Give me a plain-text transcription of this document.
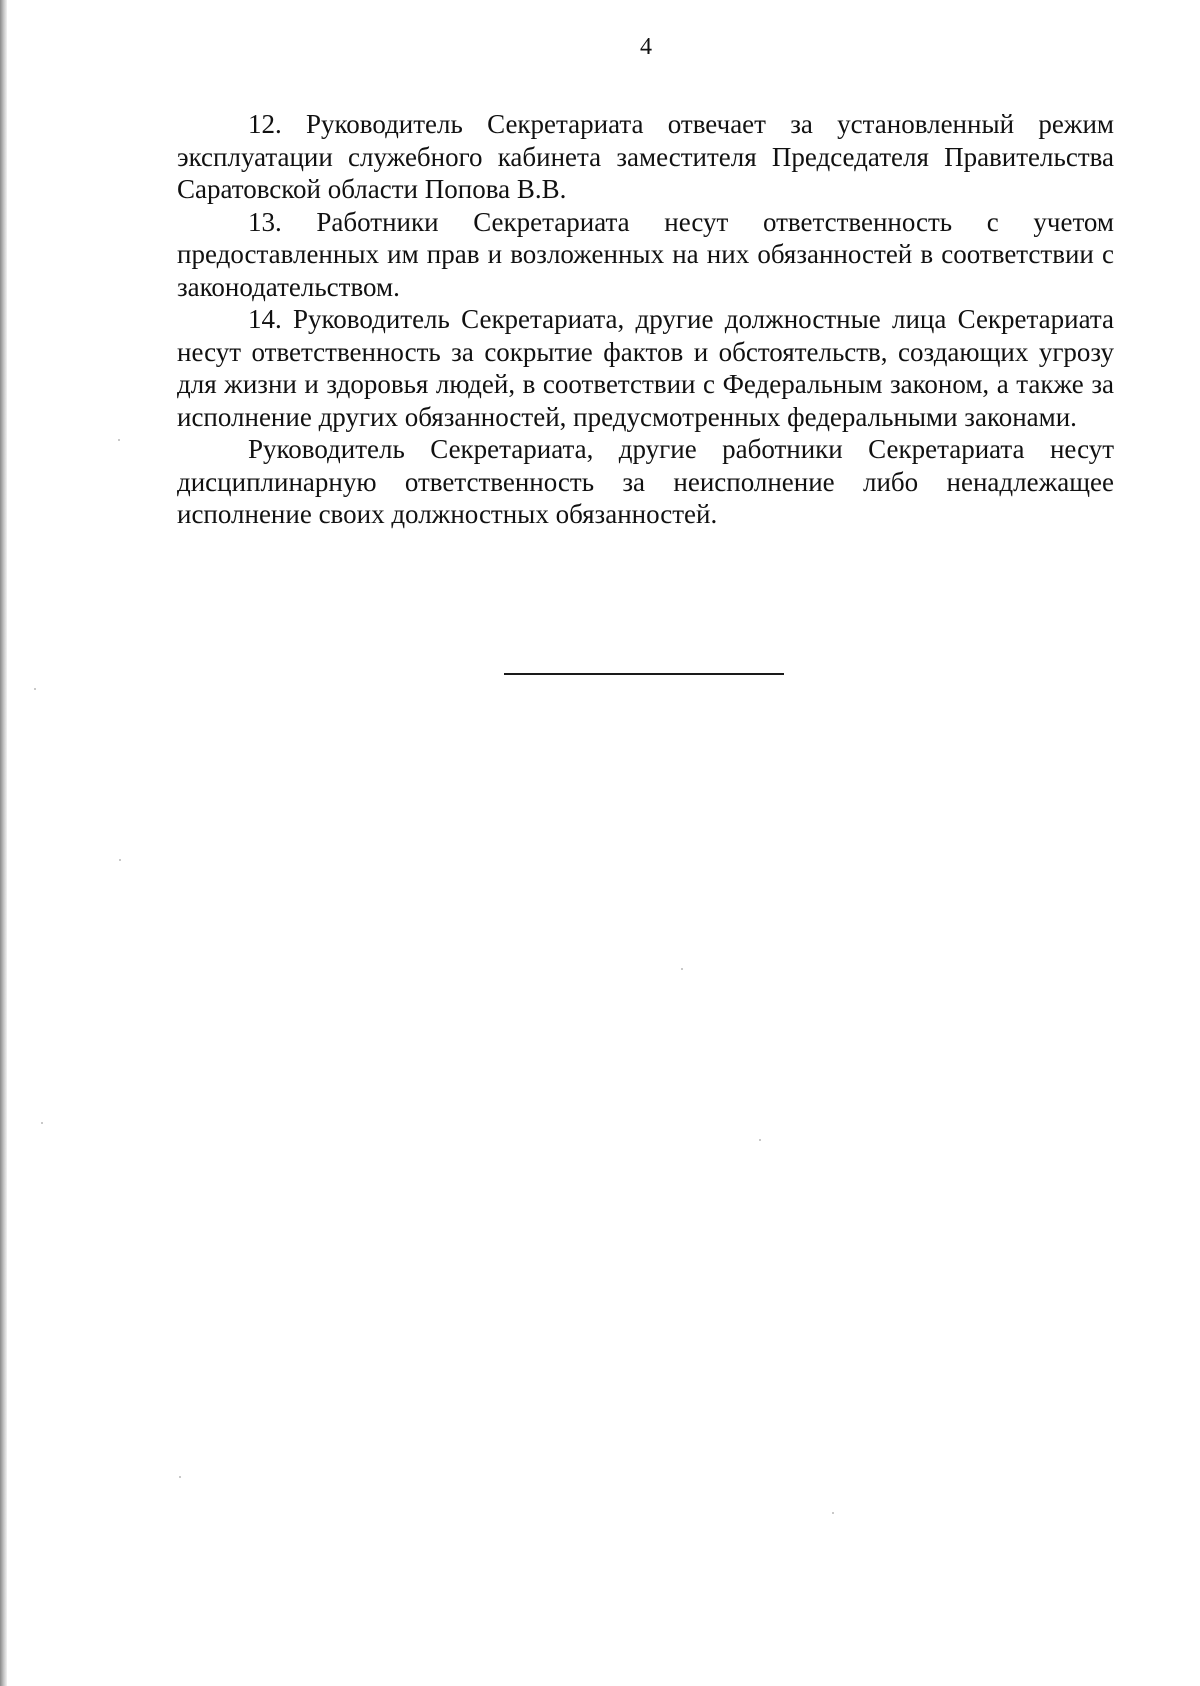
4

12. Руководитель Секретариата отвечает за установленный режим эксплуатации служебного кабинета заместителя Председателя Правительства Саратовской области Попова В.В.

13. Работники Секретариата несут ответственность с учетом предоставленных им прав и возложенных на них обязанностей в соответствии с законодательством.

14. Руководитель Секретариата, другие должностные лица Секретариата несут ответственность за сокрытие фактов и обстоятельств, создающих угрозу для жизни и здоровья людей, в соответствии с Федеральным законом, а также за исполнение других обязанностей, предусмотренных федеральными законами.

Руководитель Секретариата, другие работники Секретариата несут дисциплинарную ответственность за неисполнение либо ненадлежащее исполнение своих должностных обязанностей.
